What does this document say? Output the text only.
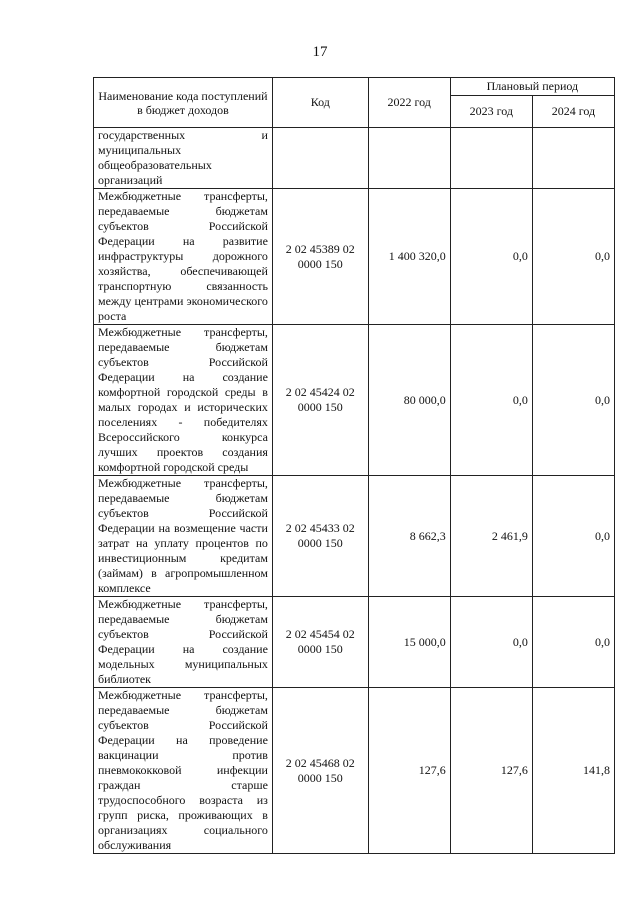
17
Наименование кода поступлений в бюджет доходов	Код	2022 год	Плановый период	
			2023 год	2024 год
государственных и муниципальных общеобразовательных организаций				
Межбюджетные трансферты, передаваемые бюджетам субъектов Российской Федерации на развитие инфраструктуры дорожного хозяйства, обеспечивающей транспортную связанность между центрами экономического роста	2 02 45389 02 0000 150	1 400 320,0	0,0	0,0
Межбюджетные трансферты, передаваемые бюджетам субъектов Российской Федерации на создание комфортной городской среды в малых городах и исторических поселениях - победителях Всероссийского конкурса лучших проектов создания комфортной городской среды	2 02 45424 02 0000 150	80 000,0	0,0	0,0
Межбюджетные трансферты, передаваемые бюджетам субъектов Российской Федерации на возмещение части затрат на уплату процентов по инвестиционным кредитам (займам) в агропромышленном комплексе	2 02 45433 02 0000 150	8 662,3	2 461,9	0,0
Межбюджетные трансферты, передаваемые бюджетам субъектов Российской Федерации на создание модельных муниципальных библиотек	2 02 45454 02 0000 150	15 000,0	0,0	0,0
Межбюджетные трансферты, передаваемые бюджетам субъектов Российской Федерации на проведение вакцинации против пневмококковой инфекции граждан старше трудоспособного возраста из групп риска, проживающих в организациях социального обслуживания	2 02 45468 02 0000 150	127,6	127,6	141,8
